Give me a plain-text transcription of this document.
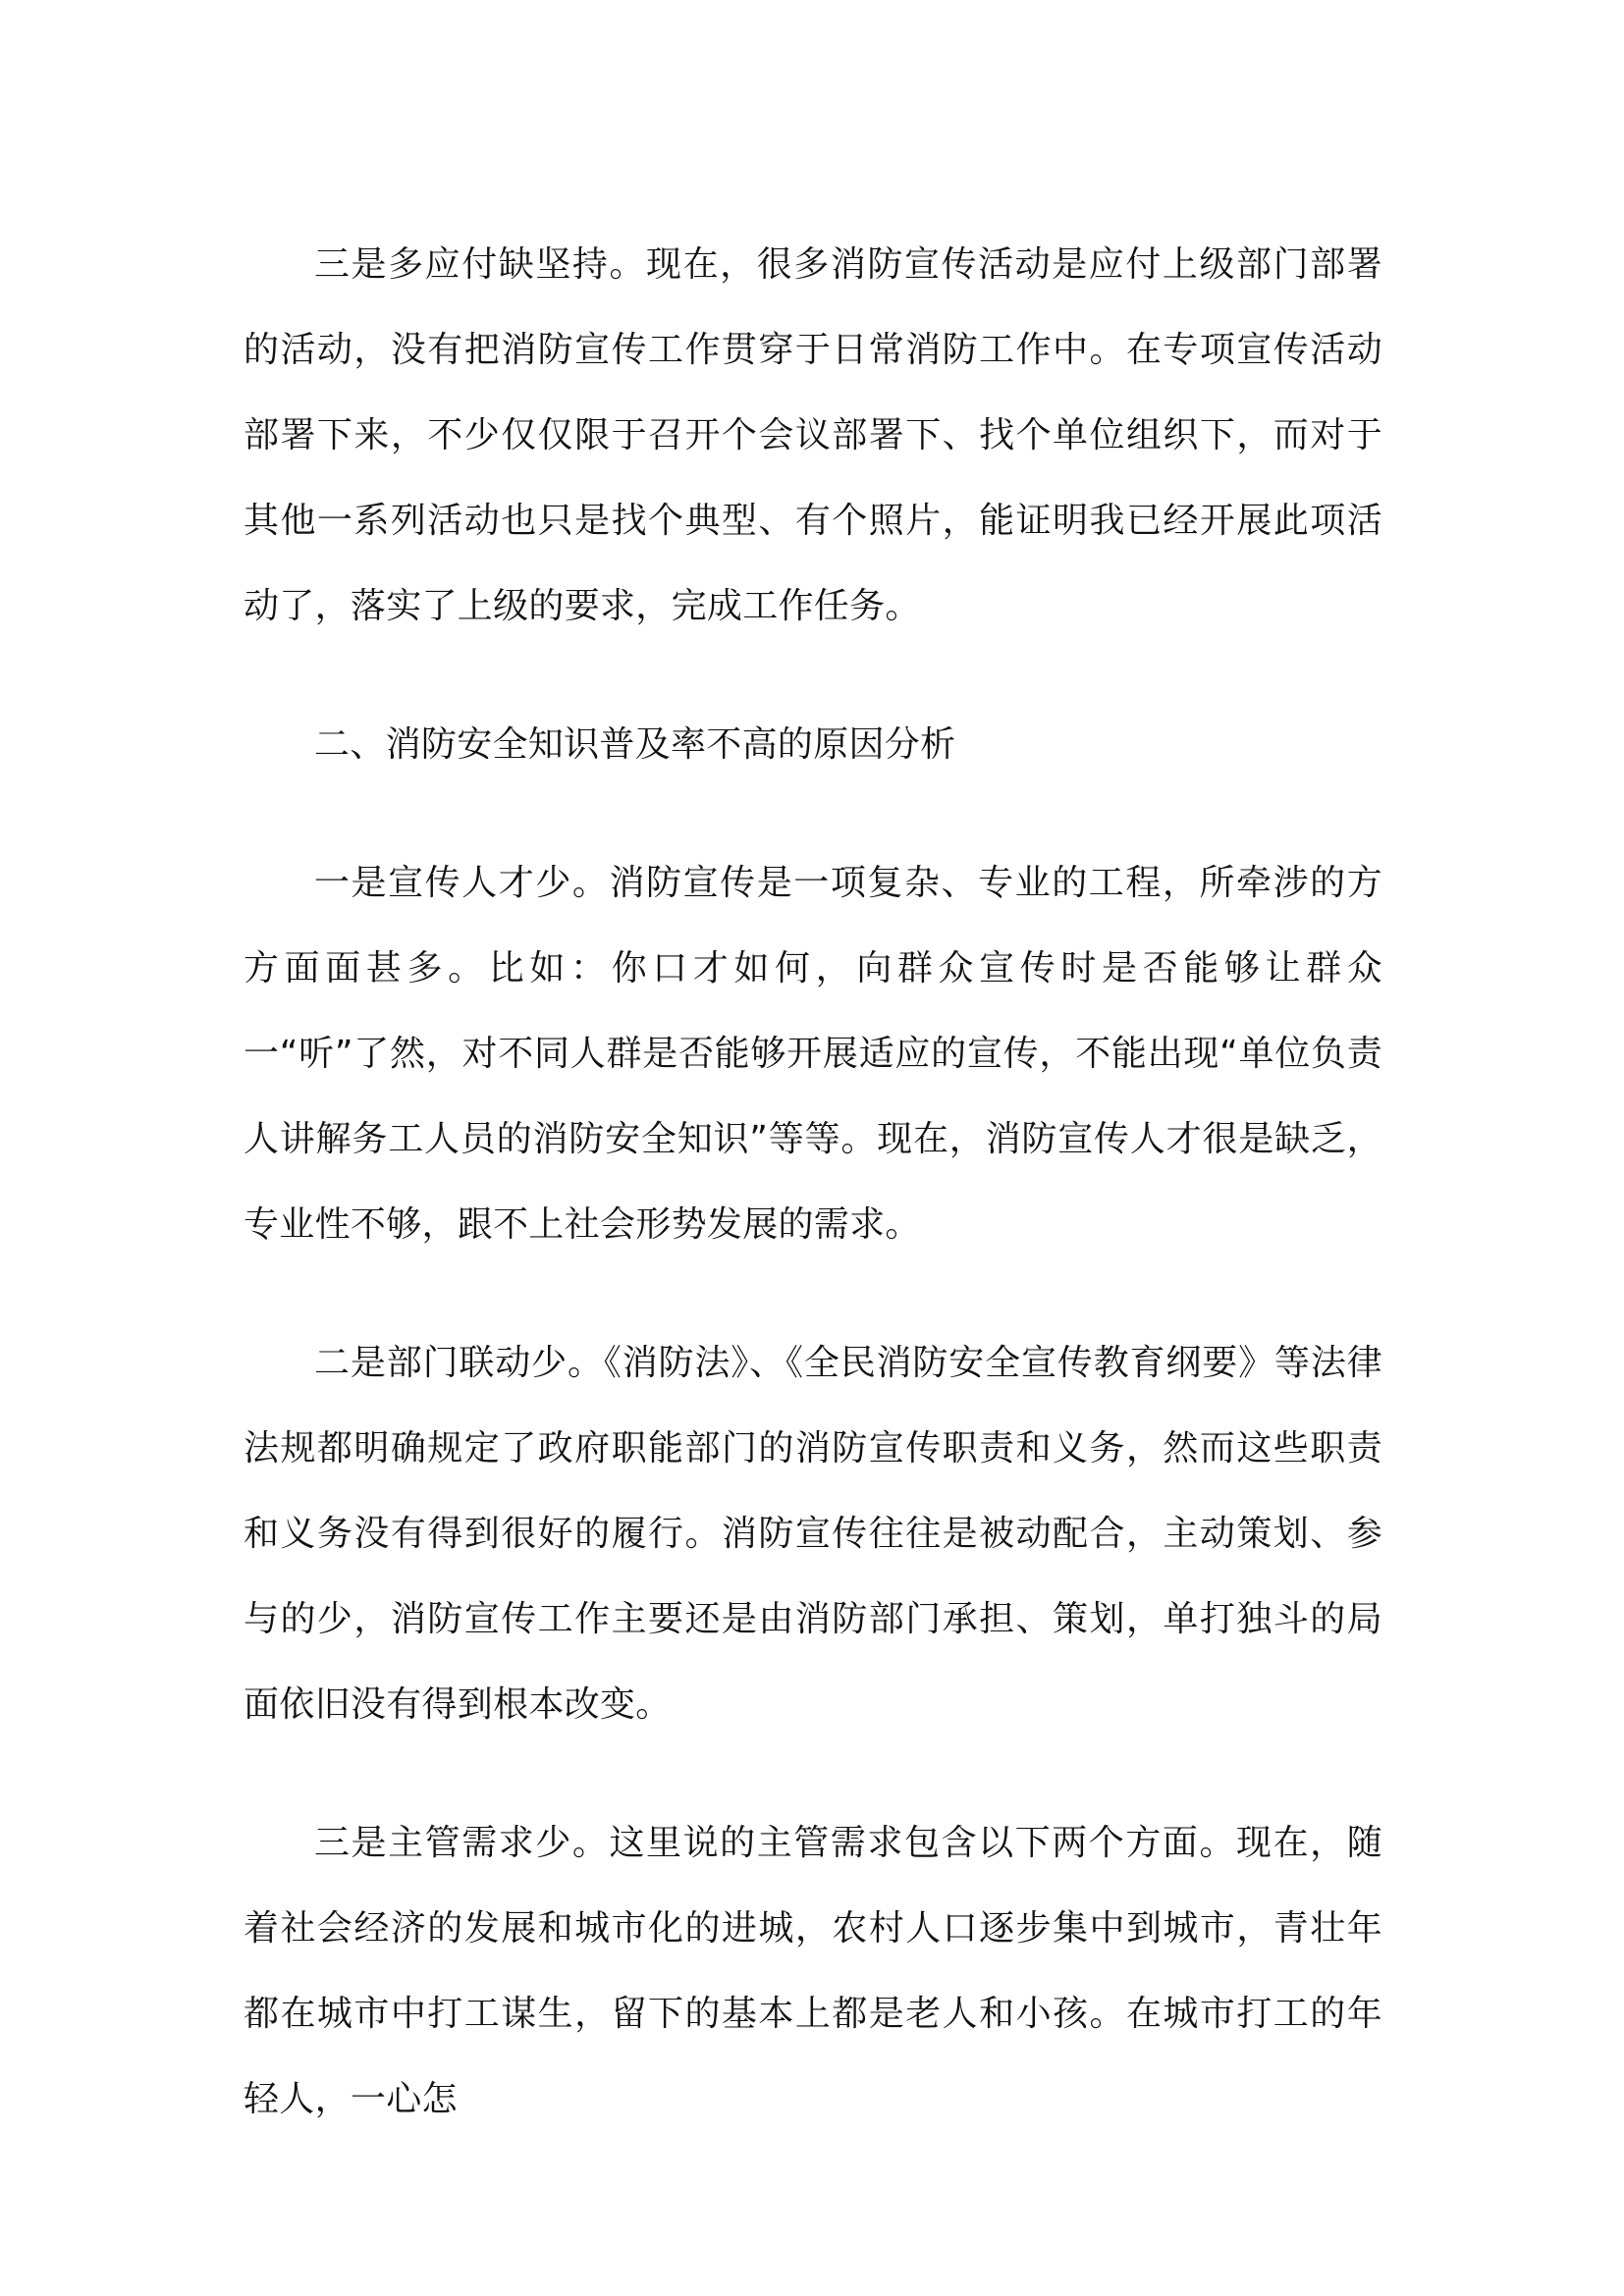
三是多应付缺坚持。现在，很多消防宣传活动是应付上级部门部署的活动，没有把消防宣传工作贯穿于日常消防工作中。在专项宣传活动部署下来，不少仅仅限于召开个会议部署下、找个单位组织下，而对于其他一系列活动也只是找个典型、有个照片，能证明我已经开展此项活动了，落实了上级的要求，完成工作任务。

二、消防安全知识普及率不高的原因分析

一是宣传人才少。消防宣传是一项复杂、专业的工程，所牵涉的方方面面甚多。比如：你口才如何，向群众宣传时是否能够让群众一“听”了然，对不同人群是否能够开展适应的宣传，不能出现“单位负责人讲解务工人员的消防安全知识”等等。现在，消防宣传人才很是缺乏，专业性不够，跟不上社会形势发展的需求。

二是部门联动少。《消防法》、《全民消防安全宣传教育纲要》等法律法规都明确规定了政府职能部门的消防宣传职责和义务，然而这些职责和义务没有得到很好的履行。消防宣传往往是被动配合，主动策划、参与的少，消防宣传工作主要还是由消防部门承担、策划，单打独斗的局面依旧没有得到根本改变。

三是主管需求少。这里说的主管需求包含以下两个方面。现在，随着社会经济的发展和城市化的进城，农村人口逐步集中到城市，青壮年都在城市中打工谋生，留下的基本上都是老人和小孩。在城市打工的年轻人，一心怎
